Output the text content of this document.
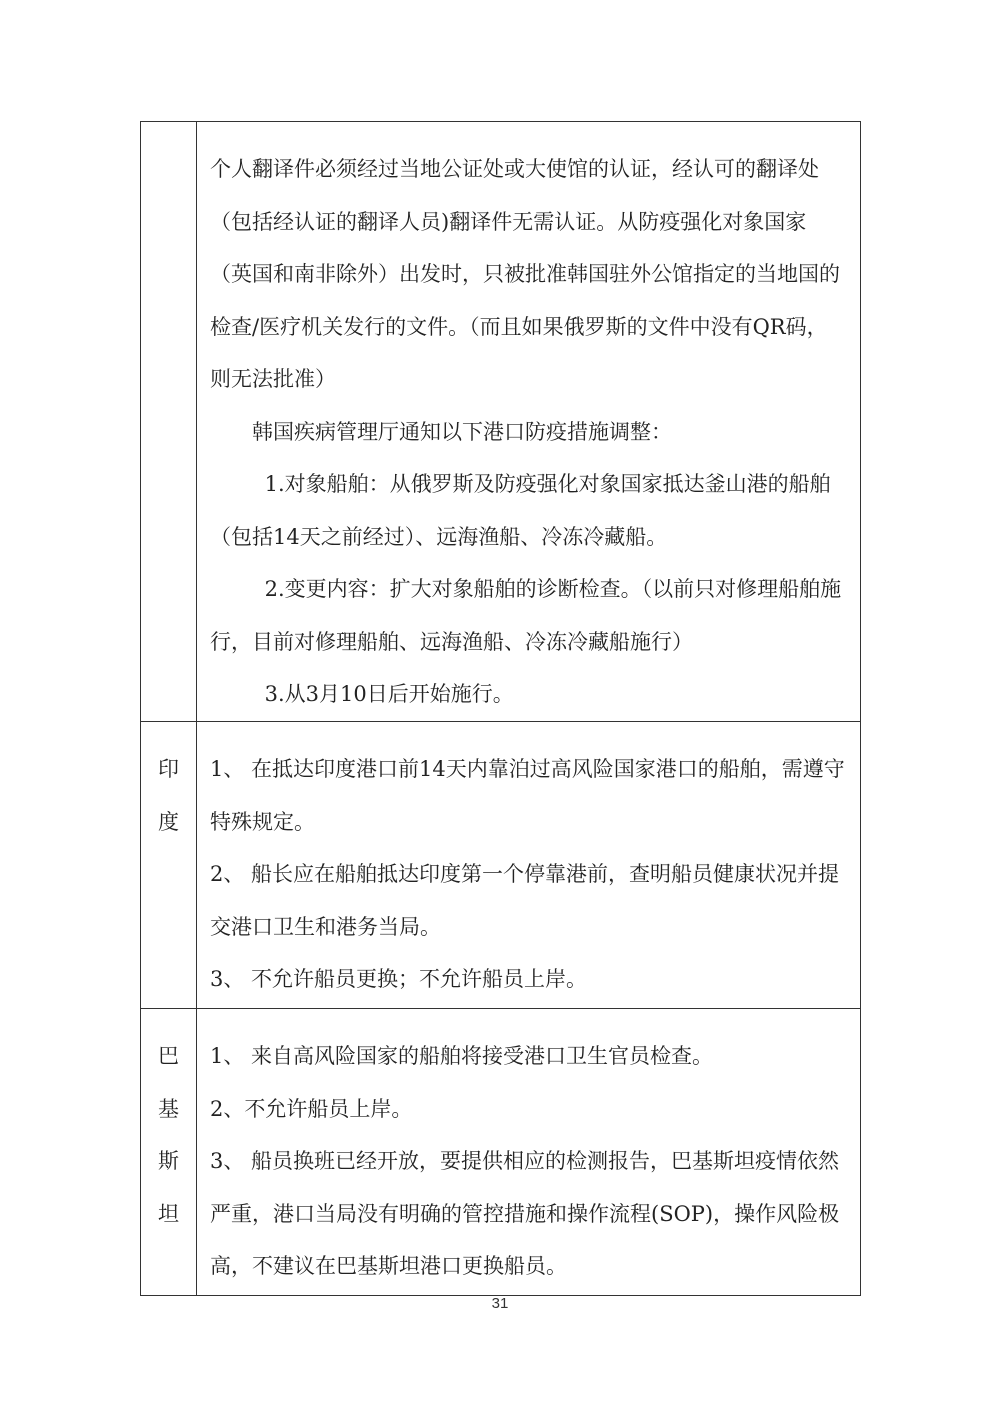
个人翻译件必须经过当地公证处或大使馆的认证，经认可的翻译处（包括经认证的翻译人员)翻译件无需认证。从防疫强化对象国家 （英国和南非除外）出发时，只被批准韩国驻外公馆指定的当地国的检查/医疗机关发行的文件。（而且如果俄罗斯的文件中没有QR码，则无法批准）

韩国疾病管理厅通知以下港口防疫措施调整：

1.对象船舶：从俄罗斯及防疫强化对象国家抵达釜山港的船舶（包括14天之前经过）、远海渔船、冷冻冷藏船。

2.变更内容：扩大对象船舶的诊断检查。（以前只对修理船舶施行，目前对修理船舶、远海渔船、冷冻冷藏船施行）

3.从3月10日后开始施行。

印
度

1、 在抵达印度港口前14天内靠泊过高风险国家港口的船舶，需遵守特殊规定。

2、 船长应在船舶抵达印度第一个停靠港前，查明船员健康状况并提交港口卫生和港务当局。

3、 不允许船员更换；不允许船员上岸。

巴
基
斯
坦

1、 来自高风险国家的船舶将接受港口卫生官员检查。

2、不允许船员上岸。

3、 船员换班已经开放，要提供相应的检测报告，巴基斯坦疫情依然严重，港口当局没有明确的管控措施和操作流程(SOP)，操作风险极高，不建议在巴基斯坦港口更换船员。

31
